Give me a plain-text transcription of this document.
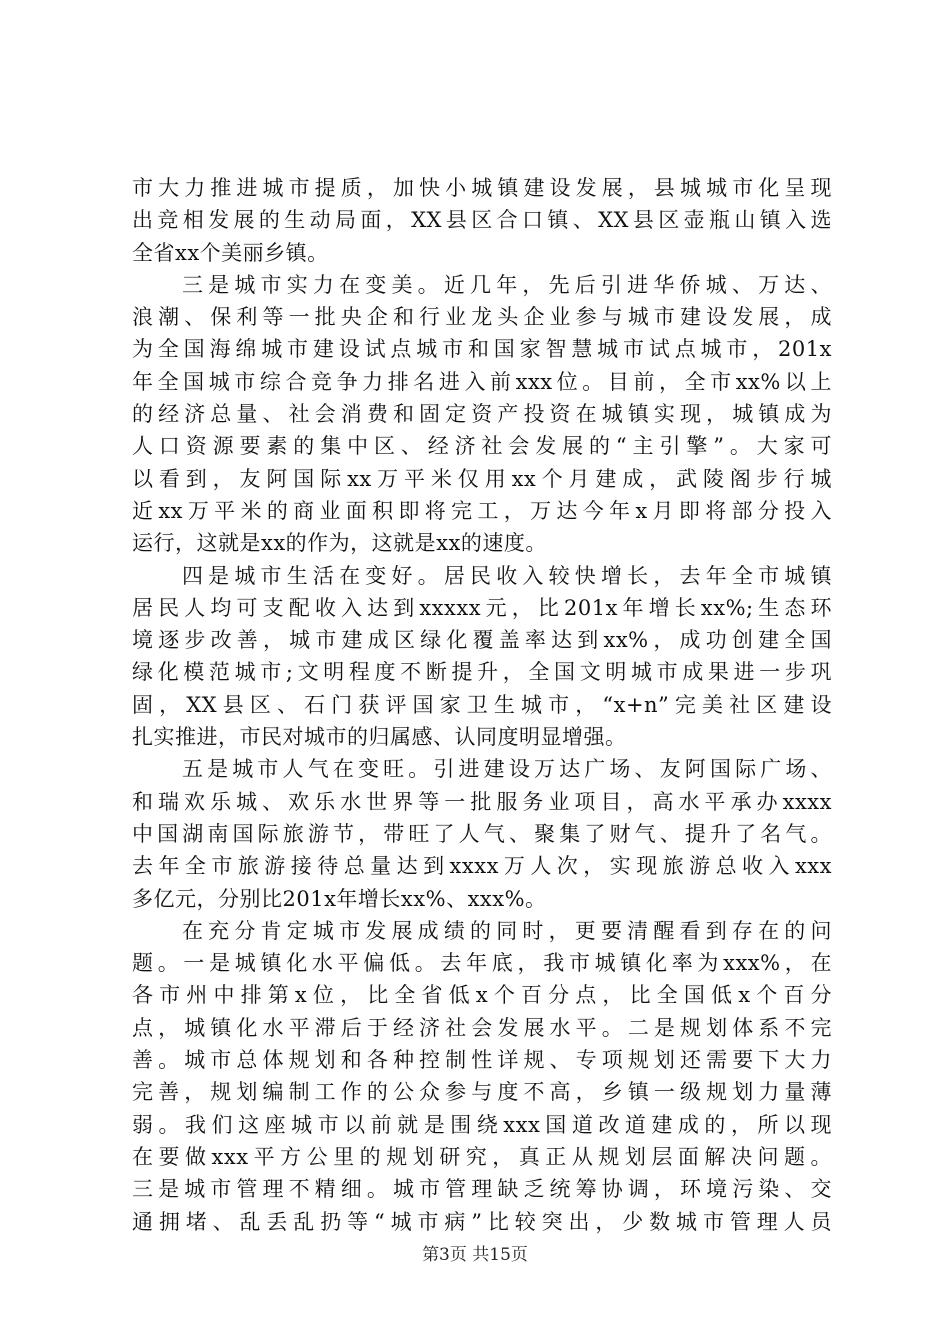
市大力推进城市提质，加快小城镇建设发展，县城城市化呈现
出竞相发展的生动局面，XX县区合口镇、XX县区壶瓶山镇入选
全省xx个美丽乡镇。
三是城市实力在变美。近几年，先后引进华侨城、万达、
浪潮、保利等一批央企和行业龙头企业参与城市建设发展，成
为全国海绵城市建设试点城市和国家智慧城市试点城市，201x
年全国城市综合竞争力排名进入前xxx位。目前，全市xx%以上
的经济总量、社会消费和固定资产投资在城镇实现，城镇成为
人口资源要素的集中区、经济社会发展的“主引擎”。大家可
以看到，友阿国际xx万平米仅用xx个月建成，武陵阁步行城
近xx万平米的商业面积即将完工，万达今年x月即将部分投入
运行，这就是xx的作为，这就是xx的速度。
四是城市生活在变好。居民收入较快增长，去年全市城镇
居民人均可支配收入达到xxxxx元，比201x年增长xx%;生态环
境逐步改善，城市建成区绿化覆盖率达到xx%，成功创建全国
绿化模范城市;文明程度不断提升，全国文明城市成果进一步巩
固，XX县区、石门获评国家卫生城市，“x+n”完美社区建设
扎实推进，市民对城市的归属感、认同度明显增强。
五是城市人气在变旺。引进建设万达广场、友阿国际广场、
和瑞欢乐城、欢乐水世界等一批服务业项目，高水平承办xxxx
中国湖南国际旅游节，带旺了人气、聚集了财气、提升了名气。
去年全市旅游接待总量达到xxxx万人次，实现旅游总收入xxx
多亿元，分别比201x年增长xx%、xxx%。
在充分肯定城市发展成绩的同时，更要清醒看到存在的问
题。一是城镇化水平偏低。去年底，我市城镇化率为xxx%，在
各市州中排第x位，比全省低x个百分点，比全国低x个百分
点，城镇化水平滞后于经济社会发展水平。二是规划体系不完
善。城市总体规划和各种控制性详规、专项规划还需要下大力
完善，规划编制工作的公众参与度不高，乡镇一级规划力量薄
弱。我们这座城市以前就是围绕xxx国道改道建成的，所以现
在要做xxx平方公里的规划研究，真正从规划层面解决问题。
三是城市管理不精细。城市管理缺乏统筹协调，环境污染、交
通拥堵、乱丢乱扔等“城市病”比较突出，少数城市管理人员
第3页 共15页
